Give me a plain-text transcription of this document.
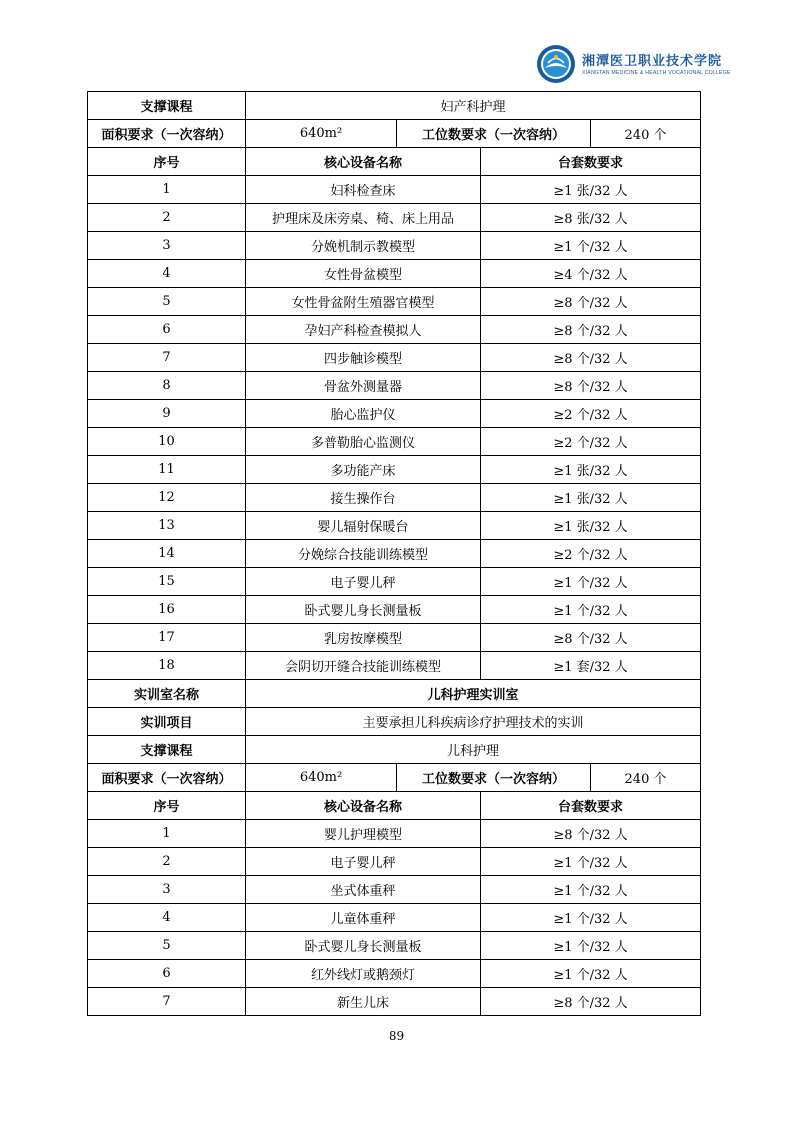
湘潭医卫职业技术学院
XIANGTAN MEDICINE & HEALTH VOCATIONAL COLLEGE
支撑课程	妇产科护理			
面积要求（一次容纳）	640m²	工位数要求（一次容纳）		240 个
序号	核心设备名称		台套数要求	
1	妇科检查床		≥1 张/32 人	
2	护理床及床旁桌、椅、床上用品		≥8 张/32 人	
3	分娩机制示教模型		≥1 个/32 人	
4	女性骨盆模型		≥4 个/32 人	
5	女性骨盆附生殖器官模型		≥8 个/32 人	
6	孕妇产科检查模拟人		≥8 个/32 人	
7	四步触诊模型		≥8 个/32 人	
8	骨盆外测量器		≥8 个/32 人	
9	胎心监护仪		≥2 个/32 人	
10	多普勒胎心监测仪		≥2 个/32 人	
11	多功能产床		≥1 张/32 人	
12	接生操作台		≥1 张/32 人	
13	婴儿辐射保暖台		≥1 张/32 人	
14	分娩综合技能训练模型		≥2 个/32 人	
15	电子婴儿秤		≥1 个/32 人	
16	卧式婴儿身长测量板		≥1 个/32 人	
17	乳房按摩模型		≥8 个/32 人	
18	会阴切开缝合技能训练模型		≥1 套/32 人	
实训室名称	儿科护理实训室			
实训项目	主要承担儿科疾病诊疗护理技术的实训			
支撑课程	儿科护理			
面积要求（一次容纳）	640m²	工位数要求（一次容纳）		240 个
序号	核心设备名称		台套数要求	
1	婴儿护理模型		≥8 个/32 人	
2	电子婴儿秤		≥1 个/32 人	
3	坐式体重秤		≥1 个/32 人	
4	儿童体重秤		≥1 个/32 人	
5	卧式婴儿身长测量板		≥1 个/32 人	
6	红外线灯或鹅颈灯		≥1 个/32 人	
7	新生儿床		≥8 个/32 人	
89
